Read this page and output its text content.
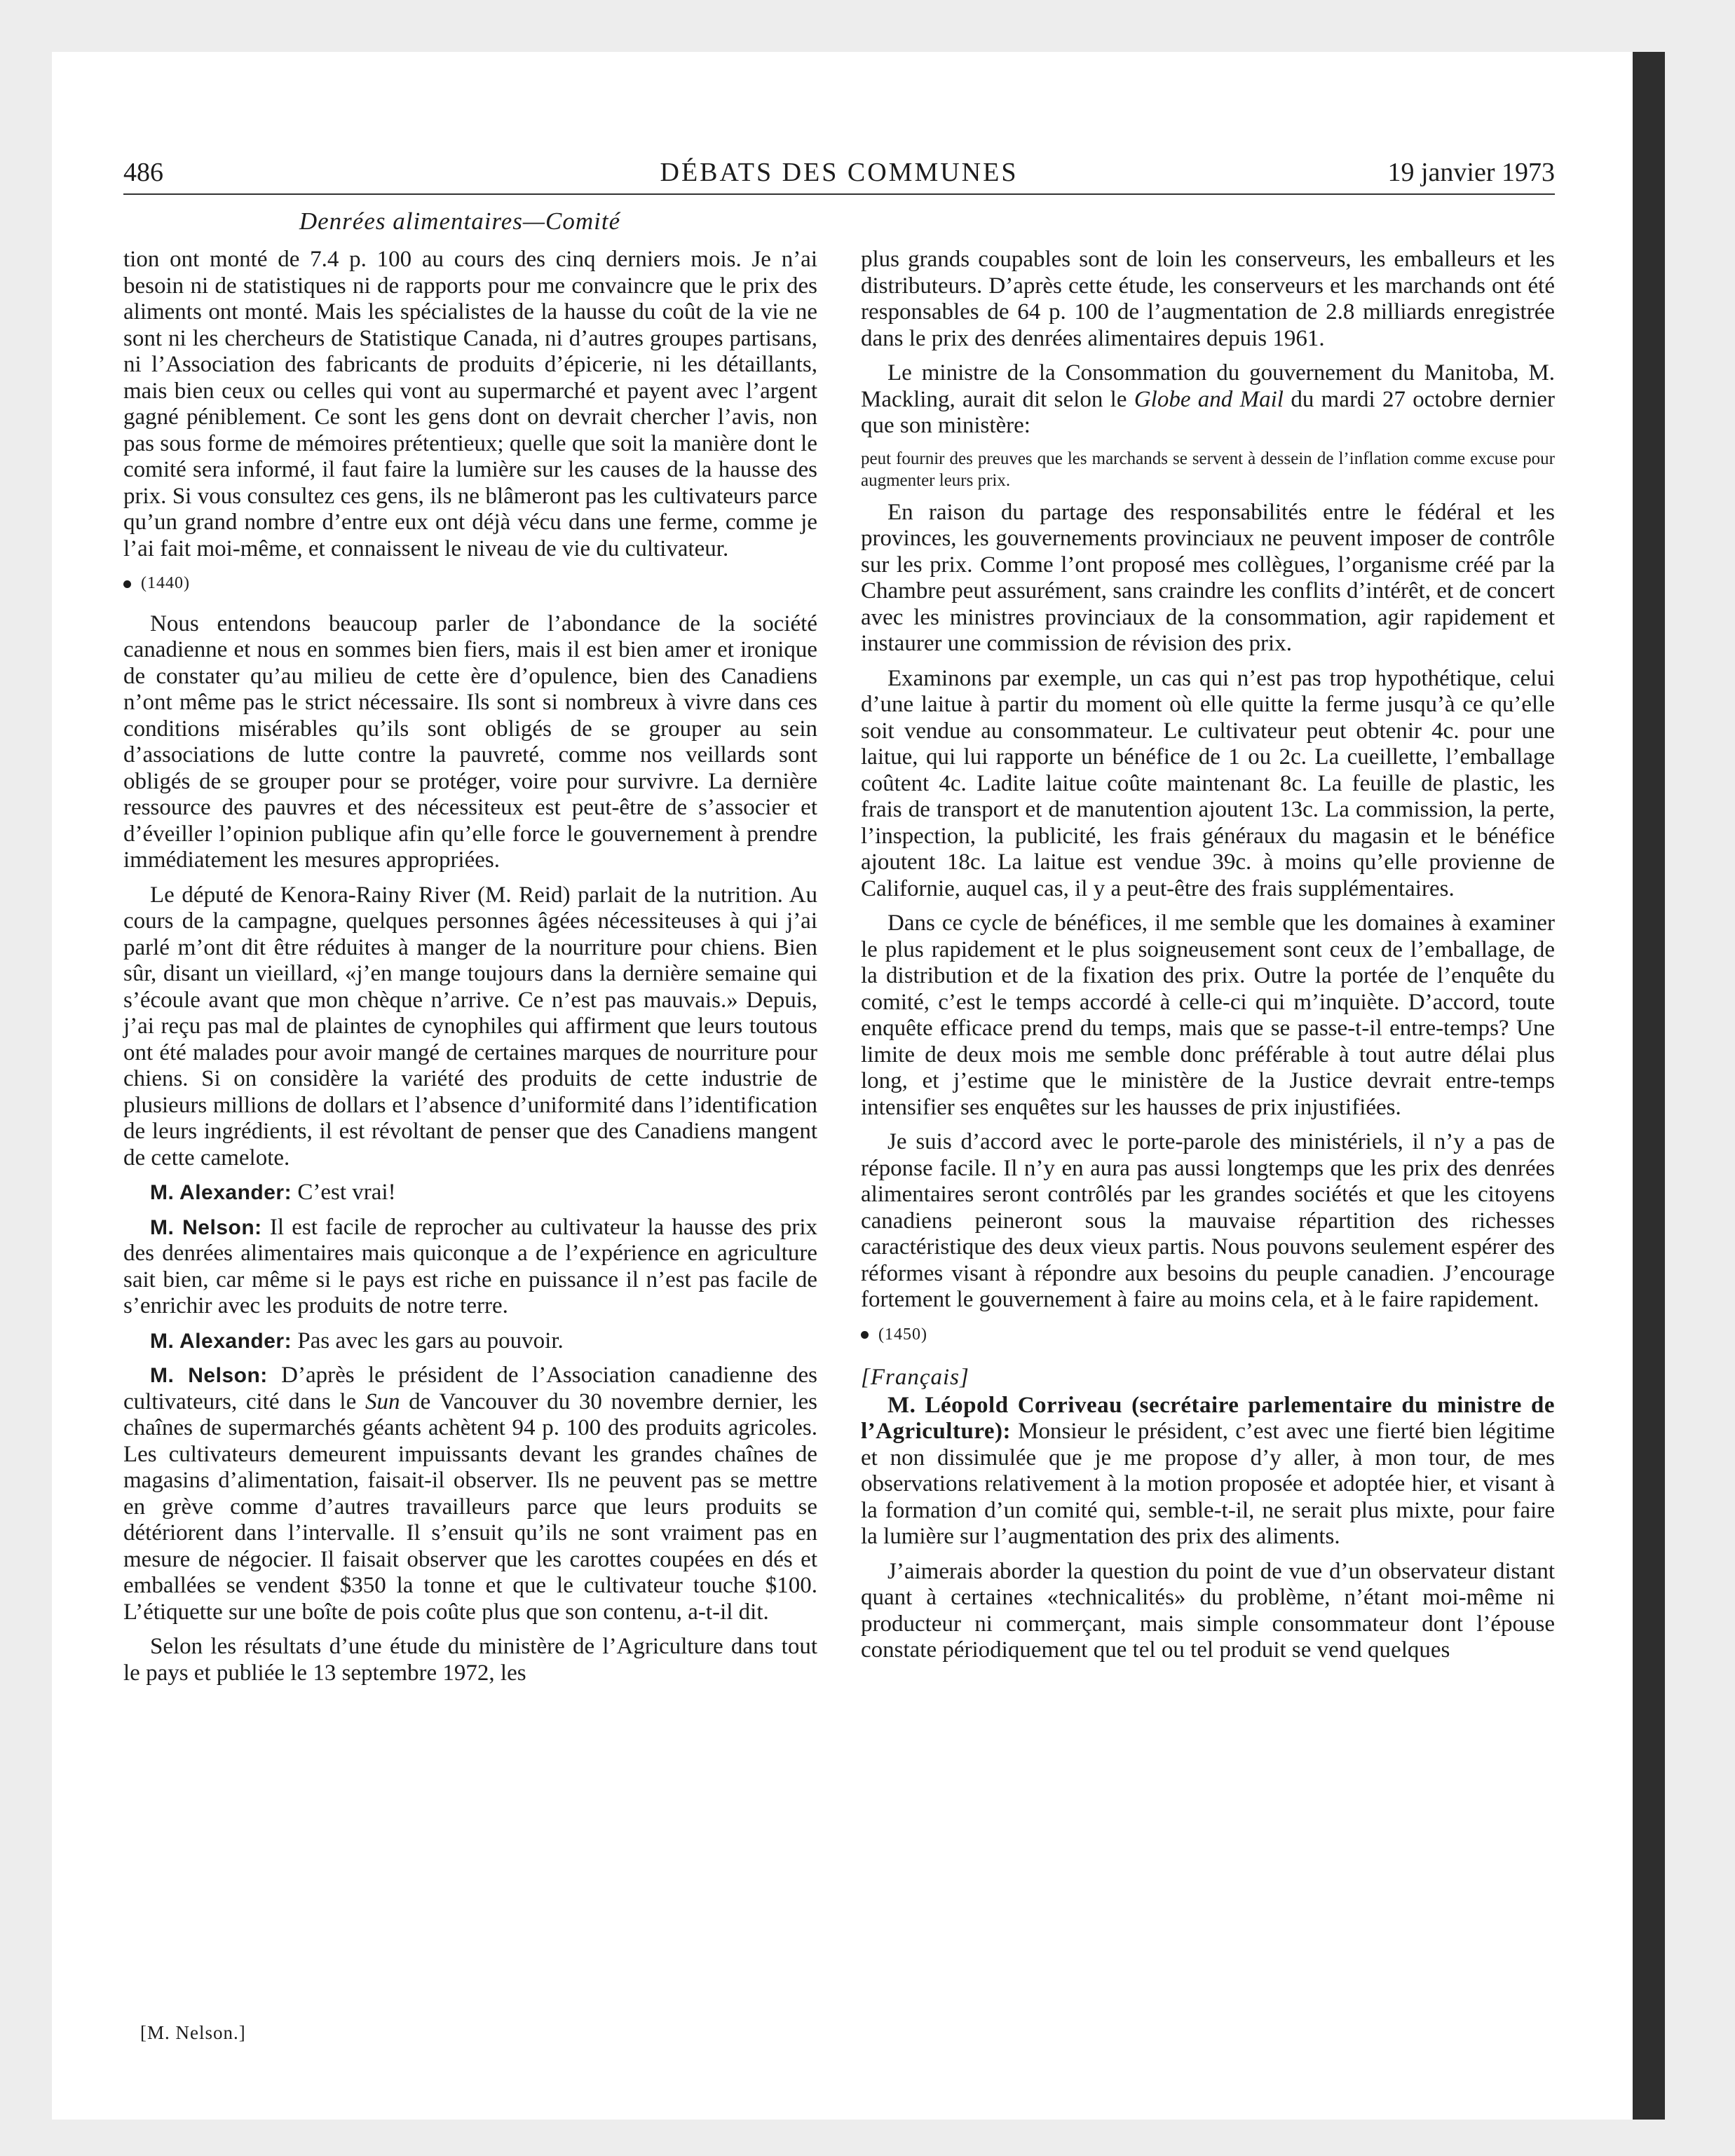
486	DÉBATS DES COMMUNES	19 janvier 1973
Denrées alimentaires—Comité

tion ont monté de 7.4 p. 100 au cours des cinq derniers mois. Je n’ai besoin ni de statistiques ni de rapports pour me convaincre que le prix des aliments ont monté. Mais les spécialistes de la hausse du coût de la vie ne sont ni les chercheurs de Statistique Canada, ni d’autres groupes partisans, ni l’Association des fabricants de produits d’épicerie, ni les détaillants, mais bien ceux ou celles qui vont au supermarché et payent avec l’argent gagné péniblement. Ce sont les gens dont on devrait chercher l’avis, non pas sous forme de mémoires prétentieux; quelle que soit la manière dont le comité sera informé, il faut faire la lumière sur les causes de la hausse des prix. Si vous consultez ces gens, ils ne blâmeront pas les cultivateurs parce qu’un grand nombre d’entre eux ont déjà vécu dans une ferme, comme je l’ai fait moi-même, et connaissent le niveau de vie du cultivateur.

(1440)

Nous entendons beaucoup parler de l’abondance de la société canadienne et nous en sommes bien fiers, mais il est bien amer et ironique de constater qu’au milieu de cette ère d’opulence, bien des Canadiens n’ont même pas le strict nécessaire. Ils sont si nombreux à vivre dans ces conditions misérables qu’ils sont obligés de se grouper au sein d’associations de lutte contre la pauvreté, comme nos veillards sont obligés de se grouper pour se protéger, voire pour survivre. La dernière ressource des pauvres et des nécessiteux est peut-être de s’associer et d’éveiller l’opinion publique afin qu’elle force le gouvernement à prendre immédiatement les mesures appropriées.

Le député de Kenora-Rainy River (M. Reid) parlait de la nutrition. Au cours de la campagne, quelques personnes âgées nécessiteuses à qui j’ai parlé m’ont dit être réduites à manger de la nourriture pour chiens. Bien sûr, disant un vieillard, «j’en mange toujours dans la dernière semaine qui s’écoule avant que mon chèque n’arrive. Ce n’est pas mauvais.» Depuis, j’ai reçu pas mal de plaintes de cynophiles qui affirment que leurs toutous ont été malades pour avoir mangé de certaines marques de nourriture pour chiens. Si on considère la variété des produits de cette industrie de plusieurs millions de dollars et l’absence d’uniformité dans l’identification de leurs ingrédients, il est révoltant de penser que des Canadiens mangent de cette camelote.

M. Alexander: C’est vrai!

M. Nelson: Il est facile de reprocher au cultivateur la hausse des prix des denrées alimentaires mais quiconque a de l’expérience en agriculture sait bien, car même si le pays est riche en puissance il n’est pas facile de s’enrichir avec les produits de notre terre.

M. Alexander: Pas avec les gars au pouvoir.

M. Nelson: D’après le président de l’Association canadienne des cultivateurs, cité dans le Sun de Vancouver du 30 novembre dernier, les chaînes de supermarchés géants achètent 94 p. 100 des produits agricoles. Les cultivateurs demeurent impuissants devant les grandes chaînes de magasins d’alimentation, faisait-il observer. Ils ne peuvent pas se mettre en grève comme d’autres travailleurs parce que leurs produits se détériorent dans l’intervalle. Il s’ensuit qu’ils ne sont vraiment pas en mesure de négocier. Il faisait observer que les carottes coupées en dés et emballées se vendent $350 la tonne et que le cultivateur touche $100. L’étiquette sur une boîte de pois coûte plus que son contenu, a-t-il dit.

Selon les résultats d’une étude du ministère de l’Agriculture dans tout le pays et publiée le 13 septembre 1972, les

plus grands coupables sont de loin les conserveurs, les emballeurs et les distributeurs. D’après cette étude, les conserveurs et les marchands ont été responsables de 64 p. 100 de l’augmentation de 2.8 milliards enregistrée dans le prix des denrées alimentaires depuis 1961.

Le ministre de la Consommation du gouvernement du Manitoba, M. Mackling, aurait dit selon le Globe and Mail du mardi 27 octobre dernier que son ministère:

peut fournir des preuves que les marchands se servent à dessein de l’inflation comme excuse pour augmenter leurs prix.

En raison du partage des responsabilités entre le fédéral et les provinces, les gouvernements provinciaux ne peuvent imposer de contrôle sur les prix. Comme l’ont proposé mes collègues, l’organisme créé par la Chambre peut assurément, sans craindre les conflits d’intérêt, et de concert avec les ministres provinciaux de la consommation, agir rapidement et instaurer une commission de révision des prix.

Examinons par exemple, un cas qui n’est pas trop hypothétique, celui d’une laitue à partir du moment où elle quitte la ferme jusqu’à ce qu’elle soit vendue au consommateur. Le cultivateur peut obtenir 4c. pour une laitue, qui lui rapporte un bénéfice de 1 ou 2c. La cueillette, l’emballage coûtent 4c. Ladite laitue coûte maintenant 8c. La feuille de plastic, les frais de transport et de manutention ajoutent 13c. La commission, la perte, l’inspection, la publicité, les frais généraux du magasin et le bénéfice ajoutent 18c. La laitue est vendue 39c. à moins qu’elle provienne de Californie, auquel cas, il y a peut-être des frais supplémentaires.

Dans ce cycle de bénéfices, il me semble que les domaines à examiner le plus rapidement et le plus soigneusement sont ceux de l’emballage, de la distribution et de la fixation des prix. Outre la portée de l’enquête du comité, c’est le temps accordé à celle-ci qui m’inquiète. D’accord, toute enquête efficace prend du temps, mais que se passe-t-il entre-temps? Une limite de deux mois me semble donc préférable à tout autre délai plus long, et j’estime que le ministère de la Justice devrait entre-temps intensifier ses enquêtes sur les hausses de prix injustifiées.

Je suis d’accord avec le porte-parole des ministériels, il n’y a pas de réponse facile. Il n’y en aura pas aussi longtemps que les prix des denrées alimentaires seront contrôlés par les grandes sociétés et que les citoyens canadiens peineront sous la mauvaise répartition des richesses caractéristique des deux vieux partis. Nous pouvons seulement espérer des réformes visant à répondre aux besoins du peuple canadien. J’encourage fortement le gouvernement à faire au moins cela, et à le faire rapidement.

(1450)
[Français]

M. Léopold Corriveau (secrétaire parlementaire du ministre de l’Agriculture): Monsieur le président, c’est avec une fierté bien légitime et non dissimulée que je me propose d’y aller, à mon tour, de mes observations relativement à la motion proposée et adoptée hier, et visant à la formation d’un comité qui, semble-t-il, ne serait plus mixte, pour faire la lumière sur l’augmentation des prix des aliments.

J’aimerais aborder la question du point de vue d’un observateur distant quant à certaines «technicalités» du problème, n’étant moi-même ni producteur ni commerçant, mais simple consommateur dont l’épouse constate périodiquement que tel ou tel produit se vend quelques

[M. Nelson.]
